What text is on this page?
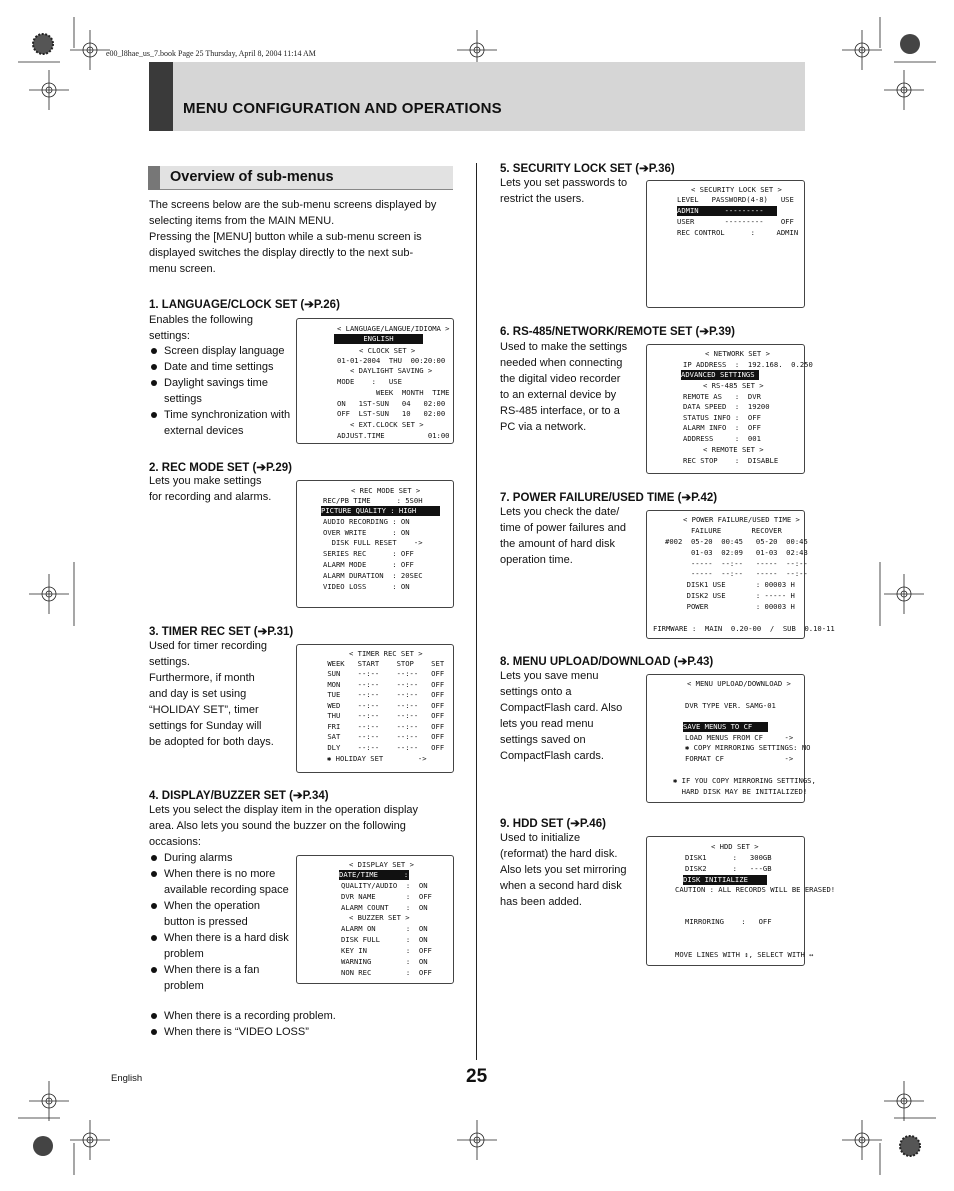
e00_l8hae_us_7.book Page 25 Thursday, April 8, 2004 11:14 AM
MENU CONFIGURATION AND OPERATIONS
Overview of sub-menus
The screens below are the sub-menu screens displayed by
selecting items from the MAIN MENU.
Pressing the [MENU] button while a sub-menu screen is
displayed switches the display directly to the next sub-
menu screen.
1. LANGUAGE/CLOCK SET (➔P.26)
Enables the following
settings:
Screen display language
Date and time settings
Daylight savings time settings
Time synchronization with external devices
< LANGUAGE/LANGUE/IDIOMA >
ENGLISH
< CLOCK SET >
01-01-2004  THU  00:20:00
< DAYLIGHT SAVING >
MODE    :   USE
WEEK  MONTH  TIME
ON   1ST-SUN   04   02:00
OFF  LST-SUN   10   02:00
< EXT.CLOCK SET >
ADJUST.TIME          01:00
2. REC MODE SET (➔P.29)
Lets you make settings
for recording and alarms.
< REC MODE SET >
REC/PB TIME      : 5S0H
PICTURE QUALITY : HIGH
AUDIO RECORDING : ON
OVER WRITE      : ON
DISK FULL RESET    ->
SERIES REC      : OFF
ALARM MODE      : OFF
ALARM DURATION  : 20SEC
VIDEO LOSS      : ON
3. TIMER REC SET (➔P.31)
Used for timer recording
settings.
Furthermore, if month
and day is set using
“HOLIDAY SET”, timer
settings for Sunday will
be adopted for both days.
< TIMER REC SET >
WEEK   START    STOP    SET
SUN    --:--    --:--   OFF
MON    --:--    --:--   OFF
TUE    --:--    --:--   OFF
WED    --:--    --:--   OFF
THU    --:--    --:--   OFF
FRI    --:--    --:--   OFF
SAT    --:--    --:--   OFF
DLY    --:--    --:--   OFF
✱ HOLIDAY SET        ->
4. DISPLAY/BUZZER SET (➔P.34)
Lets you select the display item in the operation display
area. Also lets you sound the buzzer on the following
occasions:
During alarms
When there is no more available recording space
When the operation button is pressed
When there is a hard disk problem
When there is a fan problem
When there is a recording problem.
When there is “VIDEO LOSS”
< DISPLAY SET >
DATE/TIME      :  ON
QUALITY/AUDIO  :  ON
DVR NAME       :  OFF
ALARM COUNT    :  ON
< BUZZER SET >
ALARM ON       :  ON
DISK FULL      :  ON
KEY IN         :  OFF
WARNING        :  ON
NON REC        :  OFF
5. SECURITY LOCK SET (➔P.36)
Lets you set passwords to
restrict the users.
< SECURITY LOCK SET >
LEVEL   PASSWORD(4-8)   USE
ADMIN      ---------    OFF
USER       ---------    OFF
REC CONTROL      :     ADMIN
6. RS-485/NETWORK/REMOTE SET (➔P.39)
Used to make the settings
needed when connecting
the digital video recorder
to an external device by
RS-485 interface, or to a
PC via a network.
< NETWORK SET >
IP ADDRESS  :  192.168.  0.250
ADVANCED SETTINGS    ->
< RS-485 SET >
REMOTE AS   :  DVR
DATA SPEED  :  19200
STATUS INFO :  OFF
ALARM INFO  :  OFF
ADDRESS     :  001
< REMOTE SET >
REC STOP    :  DISABLE
7. POWER FAILURE/USED TIME (➔P.42)
Lets you check the date/
time of power failures and
the amount of hard disk
operation time.
< POWER FAILURE/USED TIME >
FAILURE       RECOVER
#002  05-20  00:45   05-20  00:45
01-03  02:09   01-03  02:43
-----  --:--   -----  --:--
-----  --:--   -----  --:--
DISK1 USE       : 00003 H
DISK2 USE       : ----- H
POWER           : 00003 H
FIRMWARE :  MAIN  0.20-00  /  SUB  0.10-11
8. MENU UPLOAD/DOWNLOAD (➔P.43)
Lets you save menu
settings onto a
CompactFlash card. Also
lets you read menu
settings saved on
CompactFlash cards.
< MENU UPLOAD/DOWNLOAD >
DVR TYPE VER. SAMG-01
SAVE MENUS TO CF      ->
LOAD MENUS FROM CF     ->
✱ COPY MIRRORING SETTINGS: NO
FORMAT CF              ->
✱ IF YOU COPY MIRRORING SETTINGS,
HARD DISK MAY BE INITIALIZED!
9. HDD SET (➔P.46)
Used to initialize
(reformat) the hard disk.
Also lets you set mirroring
when a second hard disk
has been added.
< HDD SET >
DISK1      :   300GB
DISK2      :   ---GB
DISK INITIALIZE       ->
CAUTION : ALL RECORDS WILL BE ERASED!
MIRRORING    :   OFF
MOVE LINES WITH ↕, SELECT WITH ↔
English	25
